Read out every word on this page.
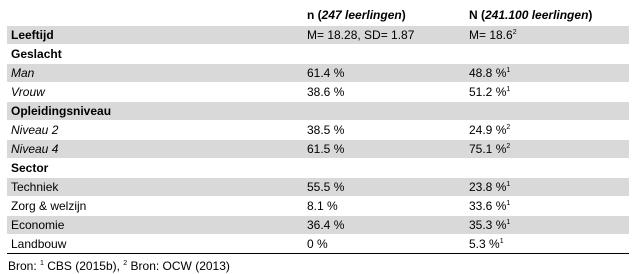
	n (247 leerlingen)	N (241.100 leerlingen)
Leeftijd	M= 18.28, SD= 1.87	$M= 18.6^2$
Geslacht		
Man	61.4 %	48.8 %$^1$
Vrouw	38.6 %	51.2 %$^1$
Opleidingsniveau		
Niveau 2	38.5 %	24.9 %$^2$
Niveau 4	61.5 %	75.1 %$^2$
Sector		
Techniek	55.5 %	23.8 %$^1$
Zorg & welzijn	8.1 %	33.6 %$^1$
Economie	36.4 %	35.3 %$^1$
Landbouw	0 %	5.3 %$^1$
Bron: $^1$ CBS (2015b), $^2$ Bron: OCW (2013)
